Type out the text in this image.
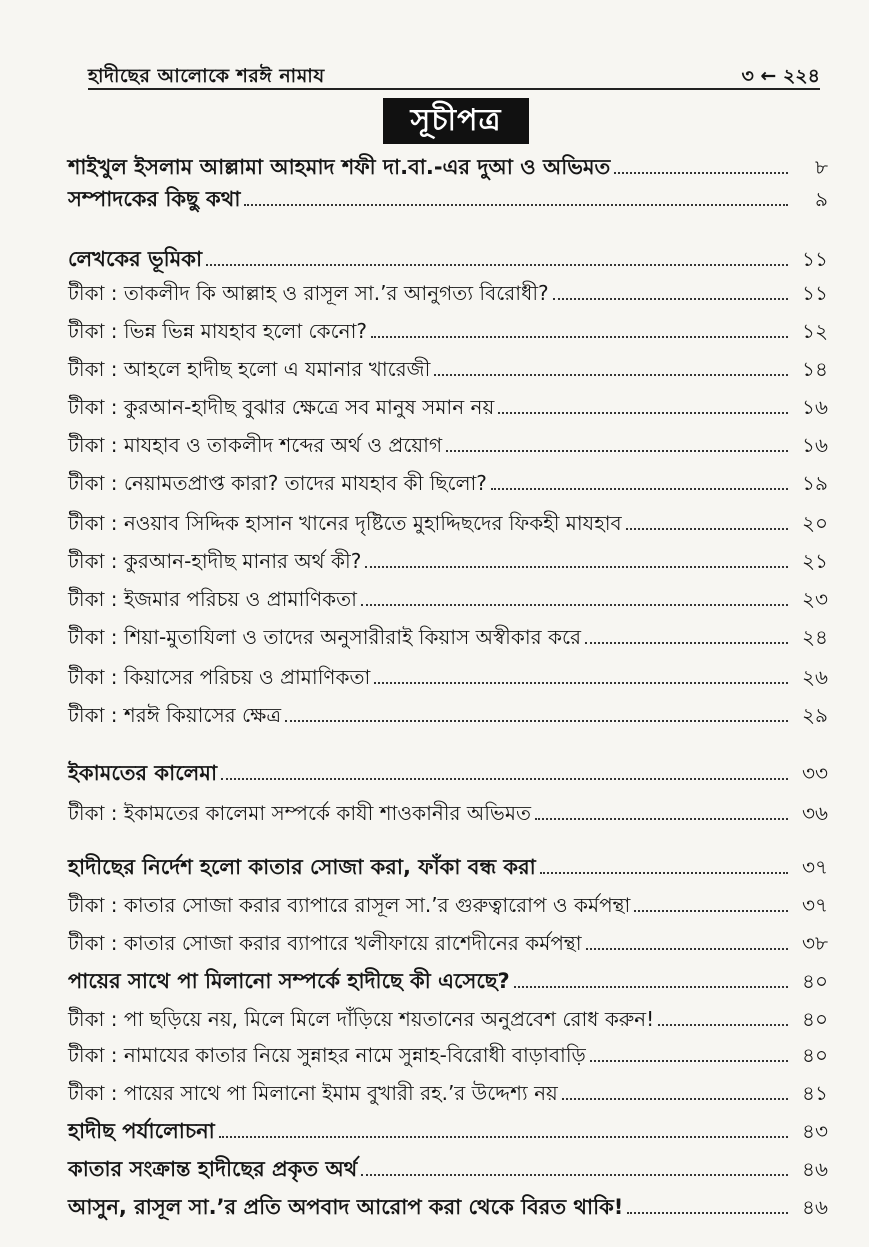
হাদীছের আলোকে শরঈ নামায	৩ ← ২২৪
সূচীপত্র
শাইখুল ইসলাম আল্লামা আহমাদ শফী দা.বা.-এর দুআ ও অভিমত	৮
সম্পাদকের কিছু কথা	৯
লেখকের ভূমিকা	১১
টীকা : তাকলীদ কি আল্লাহ ও রাসূল সা.’র আনুগত্য বিরোধী?	১১
টীকা : ভিন্ন ভিন্ন মাযহাব হলো কেনো?	১২
টীকা : আহলে হাদীছ হলো এ যমানার খারেজী	১৪
টীকা : কুরআন-হাদীছ বুঝার ক্ষেত্রে সব মানুষ সমান নয়	১৬
টীকা : মাযহাব ও তাকলীদ শব্দের অর্থ ও প্রয়োগ	১৬
টীকা : নেয়ামতপ্রাপ্ত কারা? তাদের মাযহাব কী ছিলো?	১৯
টীকা : নওয়াব সিদ্দিক হাসান খানের দৃষ্টিতে মুহাদ্দিছদের ফিকহী মাযহাব	২০
টীকা : কুরআন-হাদীছ মানার অর্থ কী?	২১
টীকা : ইজমার পরিচয় ও প্রামাণিকতা	২৩
টীকা : শিয়া-মুতাযিলা ও তাদের অনুসারীরাই কিয়াস অস্বীকার করে	২৪
টীকা : কিয়াসের পরিচয় ও প্রামাণিকতা	২৬
টীকা : শরঈ কিয়াসের ক্ষেত্র	২৯
ইকামতের কালেমা	৩৩
টীকা : ইকামতের কালেমা সম্পর্কে কাযী শাওকানীর অভিমত	৩৬
হাদীছের নির্দেশ হলো কাতার সোজা করা, ফাঁকা বন্ধ করা	৩৭
টীকা : কাতার সোজা করার ব্যাপারে রাসূল সা.’র গুরুত্বারোপ ও কর্মপন্থা	৩৭
টীকা : কাতার সোজা করার ব্যাপারে খলীফায়ে রাশেদীনের কর্মপন্থা	৩৮
পায়ের সাথে পা মিলানো সম্পর্কে হাদীছে কী এসেছে?	৪০
টীকা : পা ছড়িয়ে নয়, মিলে মিলে দাঁড়িয়ে শয়তানের অনুপ্রবেশ রোধ করুন!	৪০
টীকা : নামাযের কাতার নিয়ে সুন্নাহর নামে সুন্নাহ-বিরোধী বাড়াবাড়ি	৪০
টীকা : পায়ের সাথে পা মিলানো ইমাম বুখারী রহ.’র উদ্দেশ্য নয়	৪১
হাদীছ পর্যালোচনা	৪৩
কাতার সংক্রান্ত হাদীছের প্রকৃত অর্থ	৪৬
আসুন, রাসূল সা.’র প্রতি অপবাদ আরোপ করা থেকে বিরত থাকি!	৪৬
